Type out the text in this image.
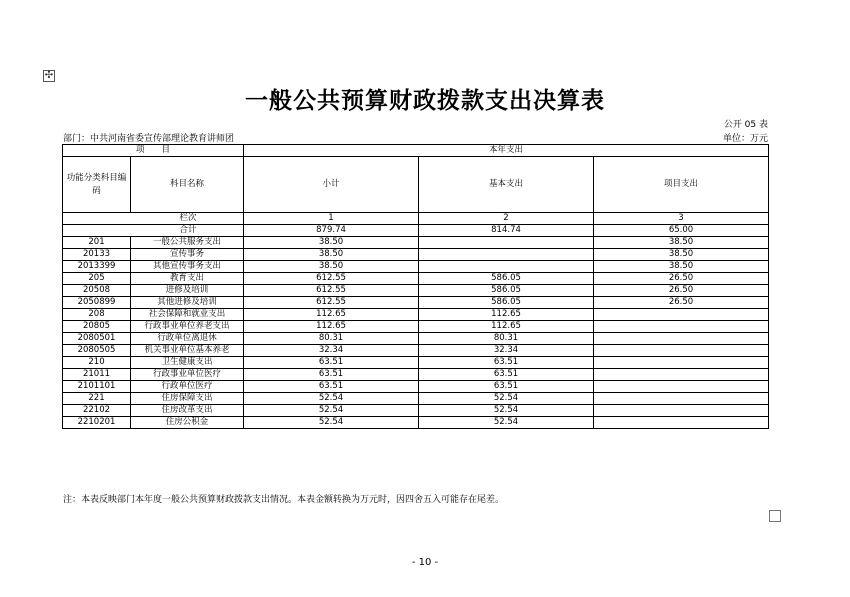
✣
一般公共预算财政拨款支出决算表
公开 05 表
部门：中共河南省委宣传部理论教育讲师团	单位：万元
项　　目		本年支出		
功能分类科目编码	科目名称	小计	基本支出	项目支出
栏次		1	2	3
合计		879.74	814.74	65.00
201	一般公共服务支出	38.50		38.50
20133	宣传事务	38.50		38.50
2013399	其他宣传事务支出	38.50		38.50
205	教育支出	612.55	586.05	26.50
20508	进修及培训	612.55	586.05	26.50
2050899	其他进修及培训	612.55	586.05	26.50
208	社会保障和就业支出	112.65	112.65	
20805	行政事业单位养老支出	112.65	112.65	
2080501	行政单位离退休	80.31	80.31	
2080505	机关事业单位基本养老	32.34	32.34	
210	卫生健康支出	63.51	63.51	
21011	行政事业单位医疗	63.51	63.51	
2101101	行政单位医疗	63.51	63.51	
221	住房保障支出	52.54	52.54	
22102	住房改革支出	52.54	52.54	
2210201	住房公积金	52.54	52.54	
注：本表反映部门本年度一般公共预算财政拨款支出情况。本表金额转换为万元时，因四舍五入可能存在尾差。
- 10 -
